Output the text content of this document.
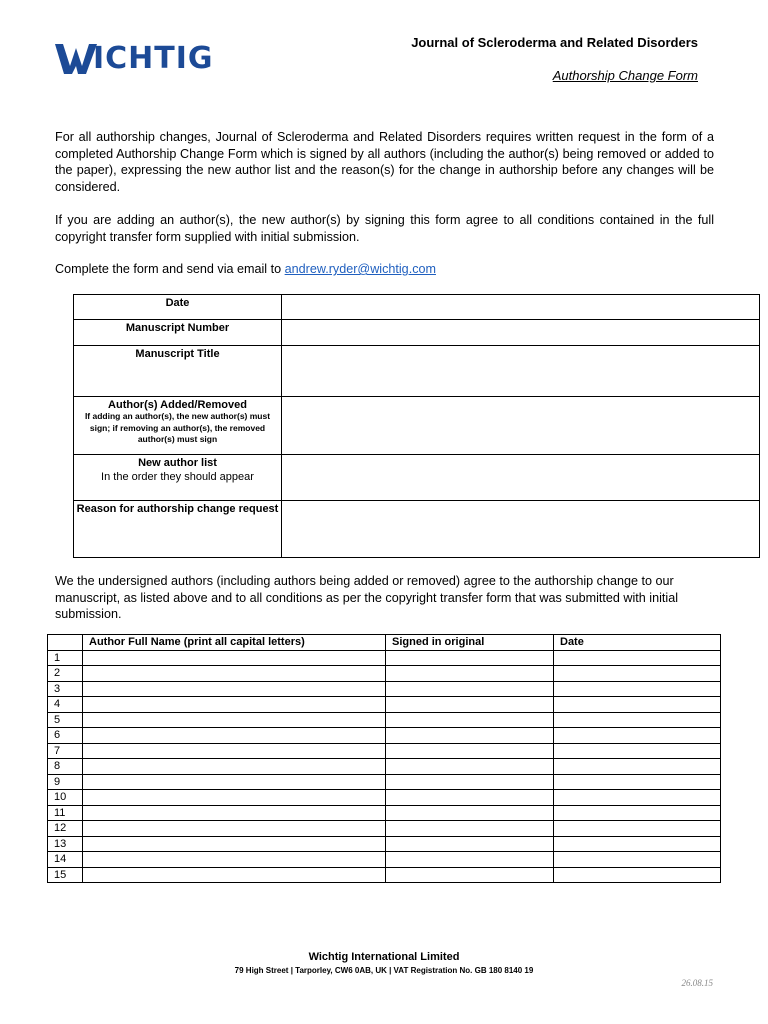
ICHTIG	Journal of Scleroderma and Related Disorders
Authorship Change Form
For all authorship changes, Journal of Scleroderma and Related Disorders requires written request in the form of a completed Authorship Change Form which is signed by all authors (including the author(s) being removed or added to the paper), expressing the new author list and the reason(s) for the change in authorship before any changes will be considered.
If you are adding an author(s), the new author(s) by signing this form agree to all conditions contained in the full copyright transfer form supplied with initial submission.
Complete the form and send via email to andrew.ryder@wichtig.com
Date	

Manuscript Number	

Manuscript Title	

Author(s) Added/Removed
If adding an author(s), the new author(s) must sign; if removing an author(s), the removed author(s) must sign	

New author list
In the order they should appear	

Reason for authorship change request	

We the undersigned authors (including authors being added or removed) agree to the authorship change to our manuscript, as listed above and to all conditions as per the copyright transfer form that was submitted with initial submission.
	Author Full Name (print all capital letters)	Signed in original	Date
1			
2			
3			
4			
5			
6			
7			
8			
9			
10			
11			
12			
13			
14			
15			
Wichtig International Limited
79 High Street | Tarporley, CW6 0AB, UK | VAT Registration No. GB 180 8140 19
26.08.15
